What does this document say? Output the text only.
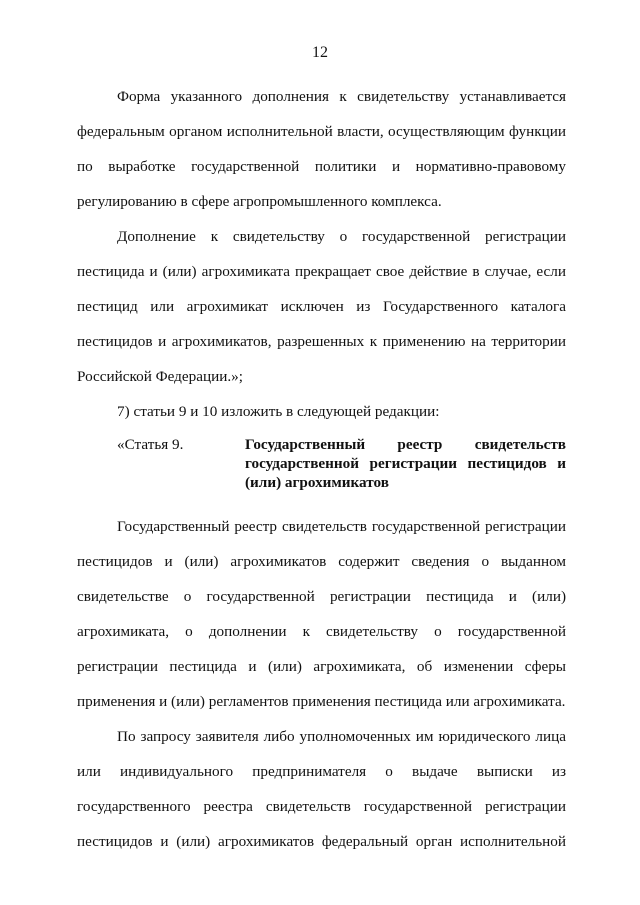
12

Форма указанного дополнения к свидетельству устанавливается федеральным органом исполнительной власти, осуществляющим функции по выработке государственной политики и нормативно-правовому регулированию в сфере агропромышленного комплекса.

Дополнение к свидетельству о государственной регистрации пестицида и (или) агрохимиката прекращает свое действие в случае, если пестицид или агрохимикат исключен из Государственного каталога пестицидов и агрохимикатов, разрешенных к применению на территории Российской Федерации.»;

7) статьи 9 и 10 изложить в следующей редакции:

«Статья 9.	Государственный реестр свидетельств государственной регистрации пестицидов и (или) агрохимикатов

Государственный реестр свидетельств государственной регистрации пестицидов и (или) агрохимикатов содержит сведения о выданном свидетельстве о государственной регистрации пестицида и (или) агрохимиката, о дополнении к свидетельству о государственной регистрации пестицида и (или) агрохимиката, об изменении сферы применения и (или) регламентов применения пестицида или агрохимиката.

По запросу заявителя либо уполномоченных им юридического лица или индивидуального предпринимателя о выдаче выписки из государственного реестра свидетельств государственной регистрации пестицидов и (или) агрохимикатов федеральный орган исполнительной
